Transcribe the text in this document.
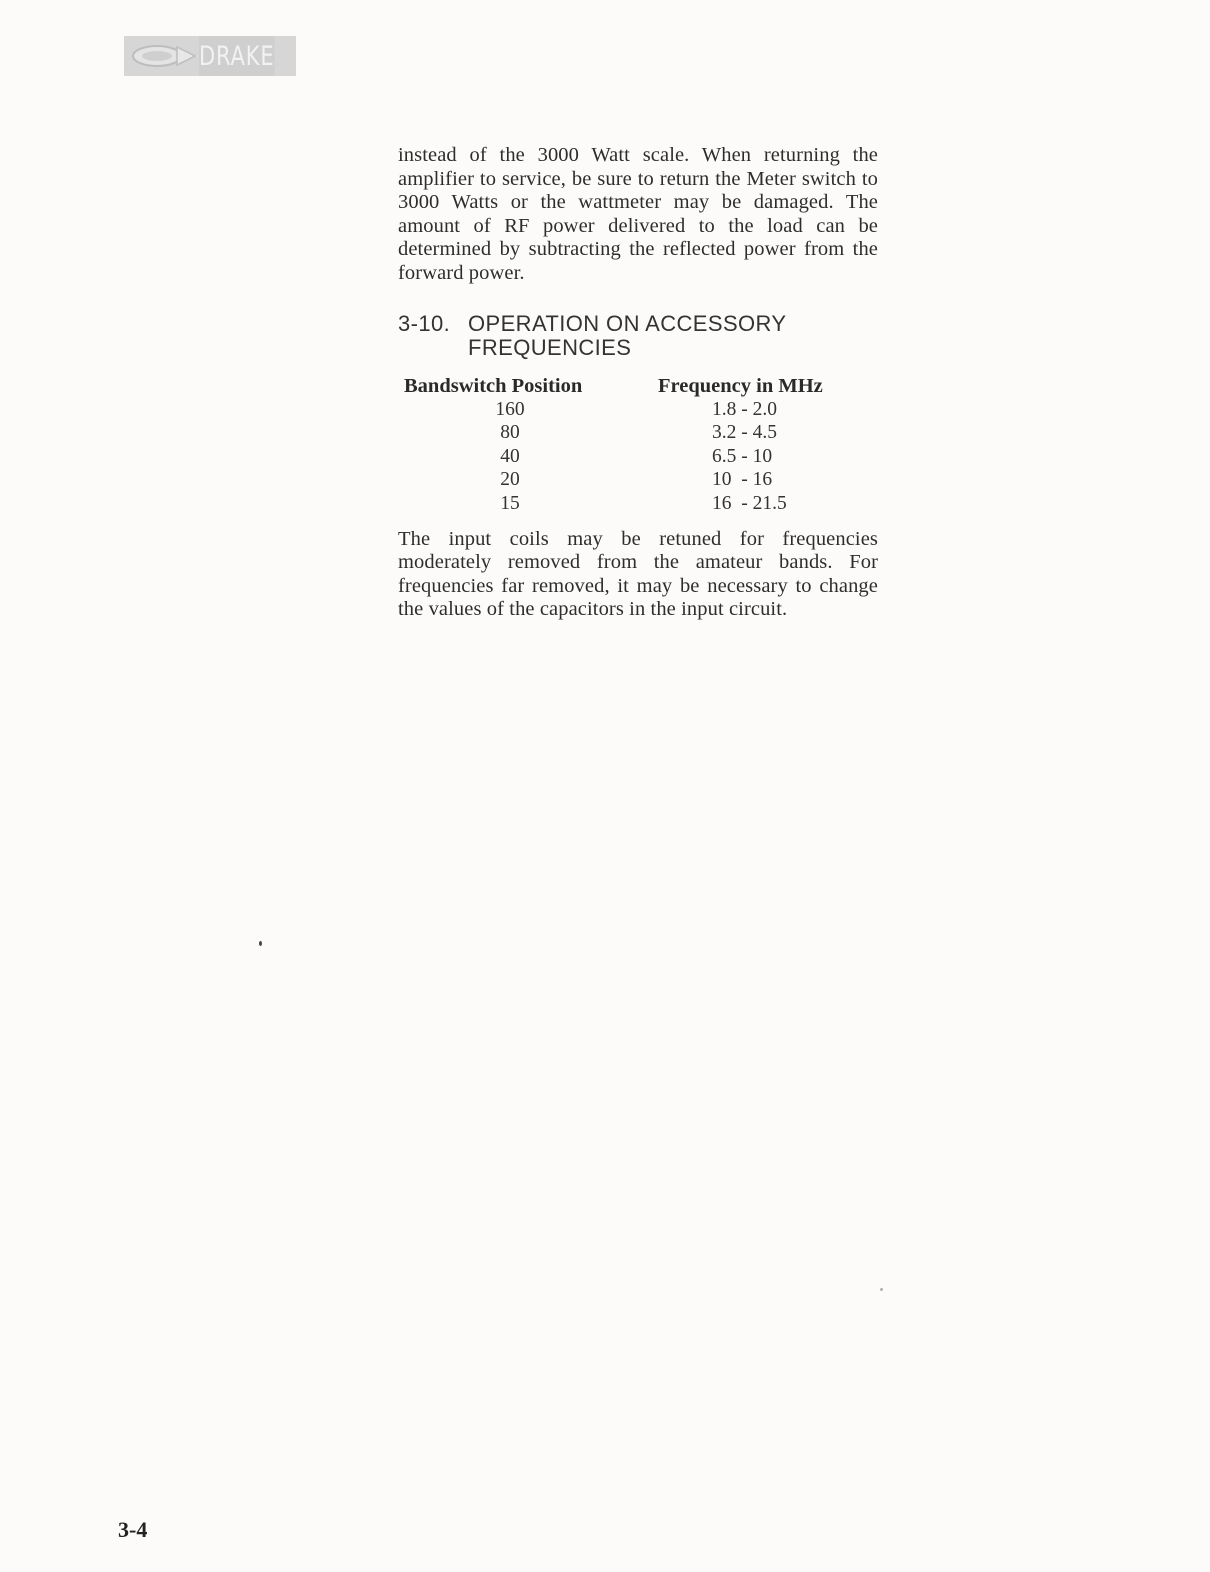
DRAKE

instead of the 3000 Watt scale. When returning the amplifier to service, be sure to return the Meter switch to 3000 Watts or the wattmeter may be damaged. The amount of RF power delivered to the load can be determined by subtracting the reflected power from the forward power.

3-10. OPERATION ON ACCESSORY
FREQUENCIES
Bandswitch Position	Frequency in MHz
160	1.8 - 2.0
80	3.2 - 4.5
40	6.5 - 10
20	10  - 16
15	16  - 21.5

The input coils may be retuned for frequencies moderately removed from the amateur bands. For frequencies far removed, it may be necessary to change the values of the capacitors in the input circuit.

3-4
